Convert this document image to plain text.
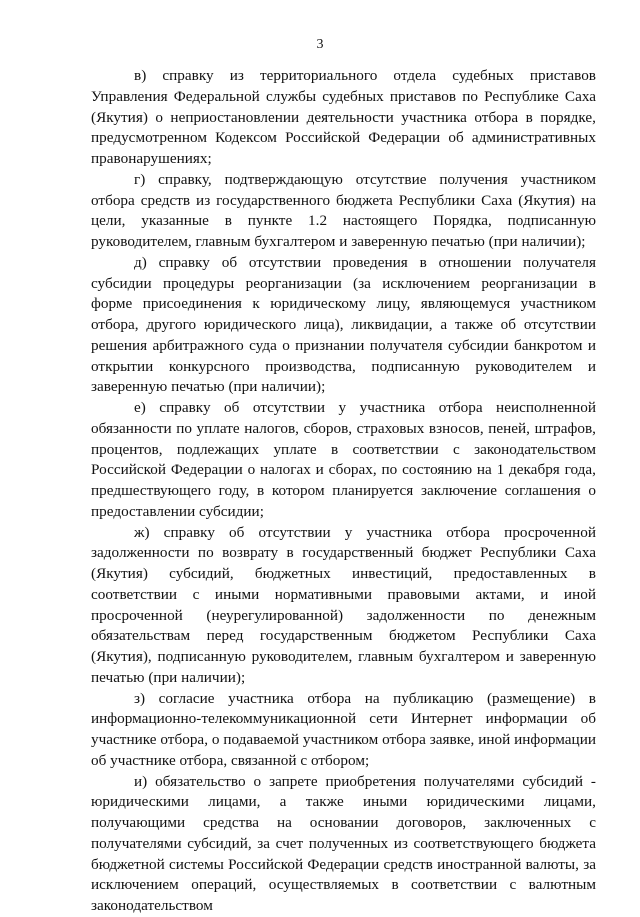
3

в) справку из территориального отдела судебных приставов Управления Федеральной службы судебных приставов по Республике Саха (Якутия) о неприостановлении деятельности участника отбора в порядке, предусмотренном Кодексом Российской Федерации об административных правонарушениях;

г) справку, подтверждающую отсутствие получения участником отбора средств из государственного бюджета Республики Саха (Якутия) на цели, указанные в пункте 1.2 настоящего Порядка, подписанную руководителем, главным бухгалтером и заверенную печатью (при наличии);

д) справку об отсутствии проведения в отношении получателя субсидии процедуры реорганизации (за исключением реорганизации в форме присоединения к юридическому лицу, являющемуся участником отбора, другого юридического лица), ликвидации, а также об отсутствии решения арбитражного суда о признании получателя субсидии банкротом и открытии конкурсного производства, подписанную руководителем и заверенную печатью (при наличии);

е) справку об отсутствии у участника отбора неисполненной обязанности по уплате налогов, сборов, страховых взносов, пеней, штрафов, процентов, подлежащих уплате в соответствии с законодательством Российской Федерации о налогах и сборах, по состоянию на 1 декабря года, предшествующего году, в котором планируется заключение соглашения о предоставлении субсидии;

ж) справку об отсутствии у участника отбора просроченной задолженности по возврату в государственный бюджет Республики Саха (Якутия) субсидий, бюджетных инвестиций, предоставленных в соответствии с иными нормативными правовыми актами, и иной просроченной (неурегулированной) задолженности по денежным обязательствам перед государственным бюджетом Республики Саха (Якутия), подписанную руководителем, главным бухгалтером и заверенную печатью (при наличии);

з) согласие участника отбора на публикацию (размещение) в информационно-телекоммуникационной сети Интернет информации об участнике отбора, о подаваемой участником отбора заявке, иной информации об участнике отбора, связанной с отбором;

и) обязательство о запрете приобретения получателями субсидий - юридическими лицами, а также иными юридическими лицами, получающими средства на основании договоров, заключенных с получателями субсидий, за счет полученных из соответствующего бюджета бюджетной системы Российской Федерации средств иностранной валюты, за исключением операций, осуществляемых в соответствии с валютным законодательством
